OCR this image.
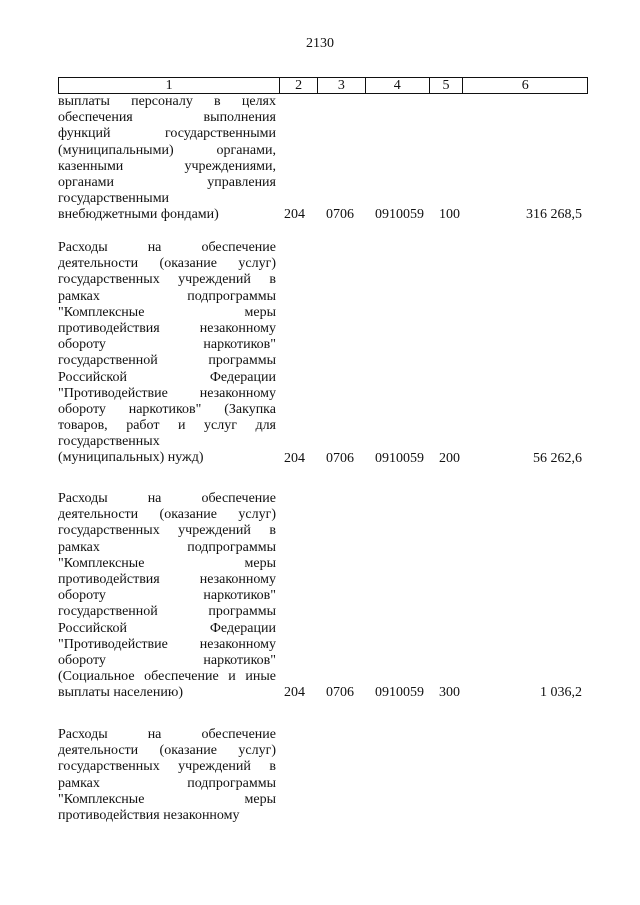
2130
1	2	3	4	5	6
выплаты персоналу в целях
обеспечения выполнения
функций государственными
(муниципальными) органами,
казенными учреждениями,
органами управления
государственными
внебюджетными фондами)	204 0706 0910059 100	316 268,5
Расходы на обеспечение
деятельности (оказание услуг)
государственных учреждений в
рамках подпрограммы
"Комплексные меры
противодействия незаконному
обороту наркотиков"
государственной программы
Российской Федерации
"Противодействие незаконному
обороту наркотиков" (Закупка
товаров, работ и услуг для
государственных
(муниципальных) нужд)	204 0706 0910059 200	56 262,6
Расходы на обеспечение
деятельности (оказание услуг)
государственных учреждений в
рамках подпрограммы
"Комплексные меры
противодействия незаконному
обороту наркотиков"
государственной программы
Российской Федерации
"Противодействие незаконному
обороту наркотиков"
(Социальное обеспечение и иные
выплаты населению)	204 0706 0910059 300	1 036,2
Расходы на обеспечение
деятельности (оказание услуг)
государственных учреждений в
рамках подпрограммы
"Комплексные меры
противодействия незаконному
